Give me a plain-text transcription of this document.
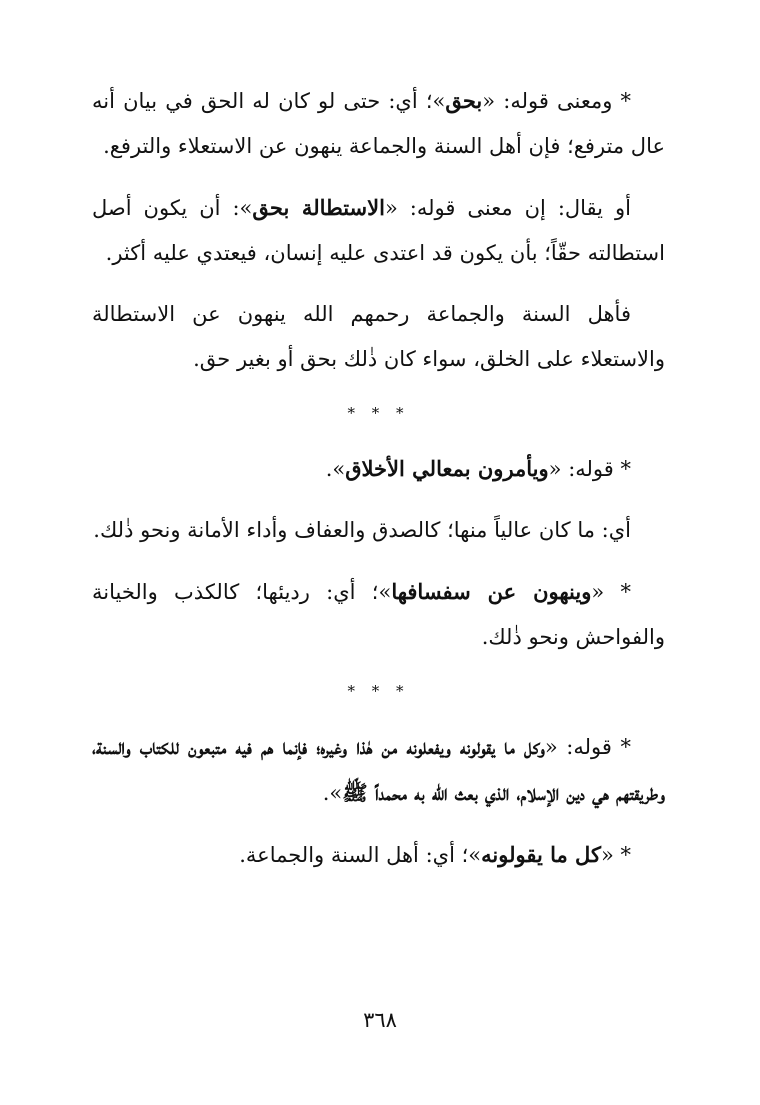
* ومعنى قوله: «بحق»؛ أي: حتى لو كان له الحق في بيان أنه عال مترفع؛ فإن أهل السنة والجماعة ينهون عن الاستعلاء والترفع.

أو يقال: إن معنى قوله: «الاستطالة بحق»: أن يكون أصل استطالته حقّاً؛ بأن يكون قد اعتدى عليه إنسان، فيعتدي عليه أكثر.

فأهل السنة والجماعة رحمهم الله ينهون عن الاستطالة والاستعلاء على الخلق، سواء كان ذٰلك بحق أو بغير حق.

* * *

* قوله: «ويأمرون بمعالي الأخلاق».

أي: ما كان عالياً منها؛ كالصدق والعفاف وأداء الأمانة ونحو ذٰلك.

* «وينهون عن سفسافها»؛ أي: رديئها؛ كالكذب والخيانة والفواحش ونحو ذٰلك.

* * *

* قوله: «وكل ما يقولونه ويفعلونه من هٰذا وغيره؛ فإنما هم فيه متبعون للكتاب والسنة، وطريقتهم هي دين الإسلام، الذي بعث الله به محمداً ﷺ».

* «كل ما يقولونه»؛ أي: أهل السنة والجماعة.

٣٦٨
